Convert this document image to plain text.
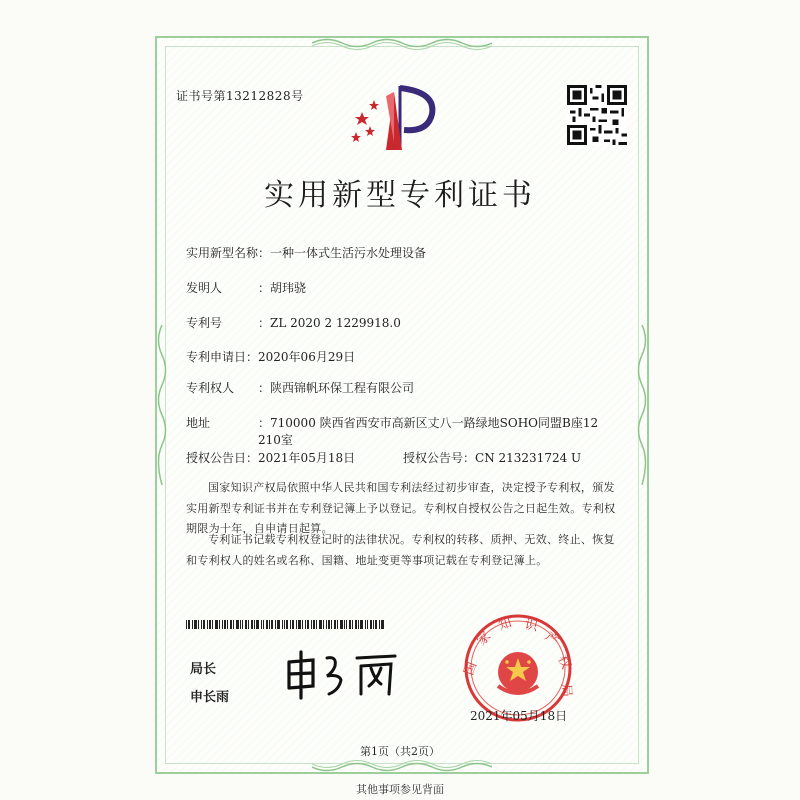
证书号第13212828号
实用新型专利证书
实用新型名称：一种一体式生活污水处理设备
发明人	：胡玮骁
专利号	：ZL 2020 2 1229918.0
专利申请日：2020年06月29日
专利权人 ：陕西锦帆环保工程有限公司
地址	：710000 陕西省西安市高新区丈八一路绿地SOHO同盟B座12
210室
授权公告日：2021年05月18日	授权公告号：CN 213231724 U
国家知识产权局依照中华人民共和国专利法经过初步审查，决定授予专利权，颁发实用新型专利证书并在专利登记簿上予以登记。专利权自授权公告之日起生效。专利权期限为十年，自申请日起算。
专利证书记载专利权登记时的法律状况。专利权的转移、质押、无效、终止、恢复和专利权人的姓名或名称、国籍、地址变更等事项记载在专利登记簿上。
局长
申长雨
国
家
知 识
产
权
局
2021年05月18日
第1页（共2页）
其他事项参见背面
